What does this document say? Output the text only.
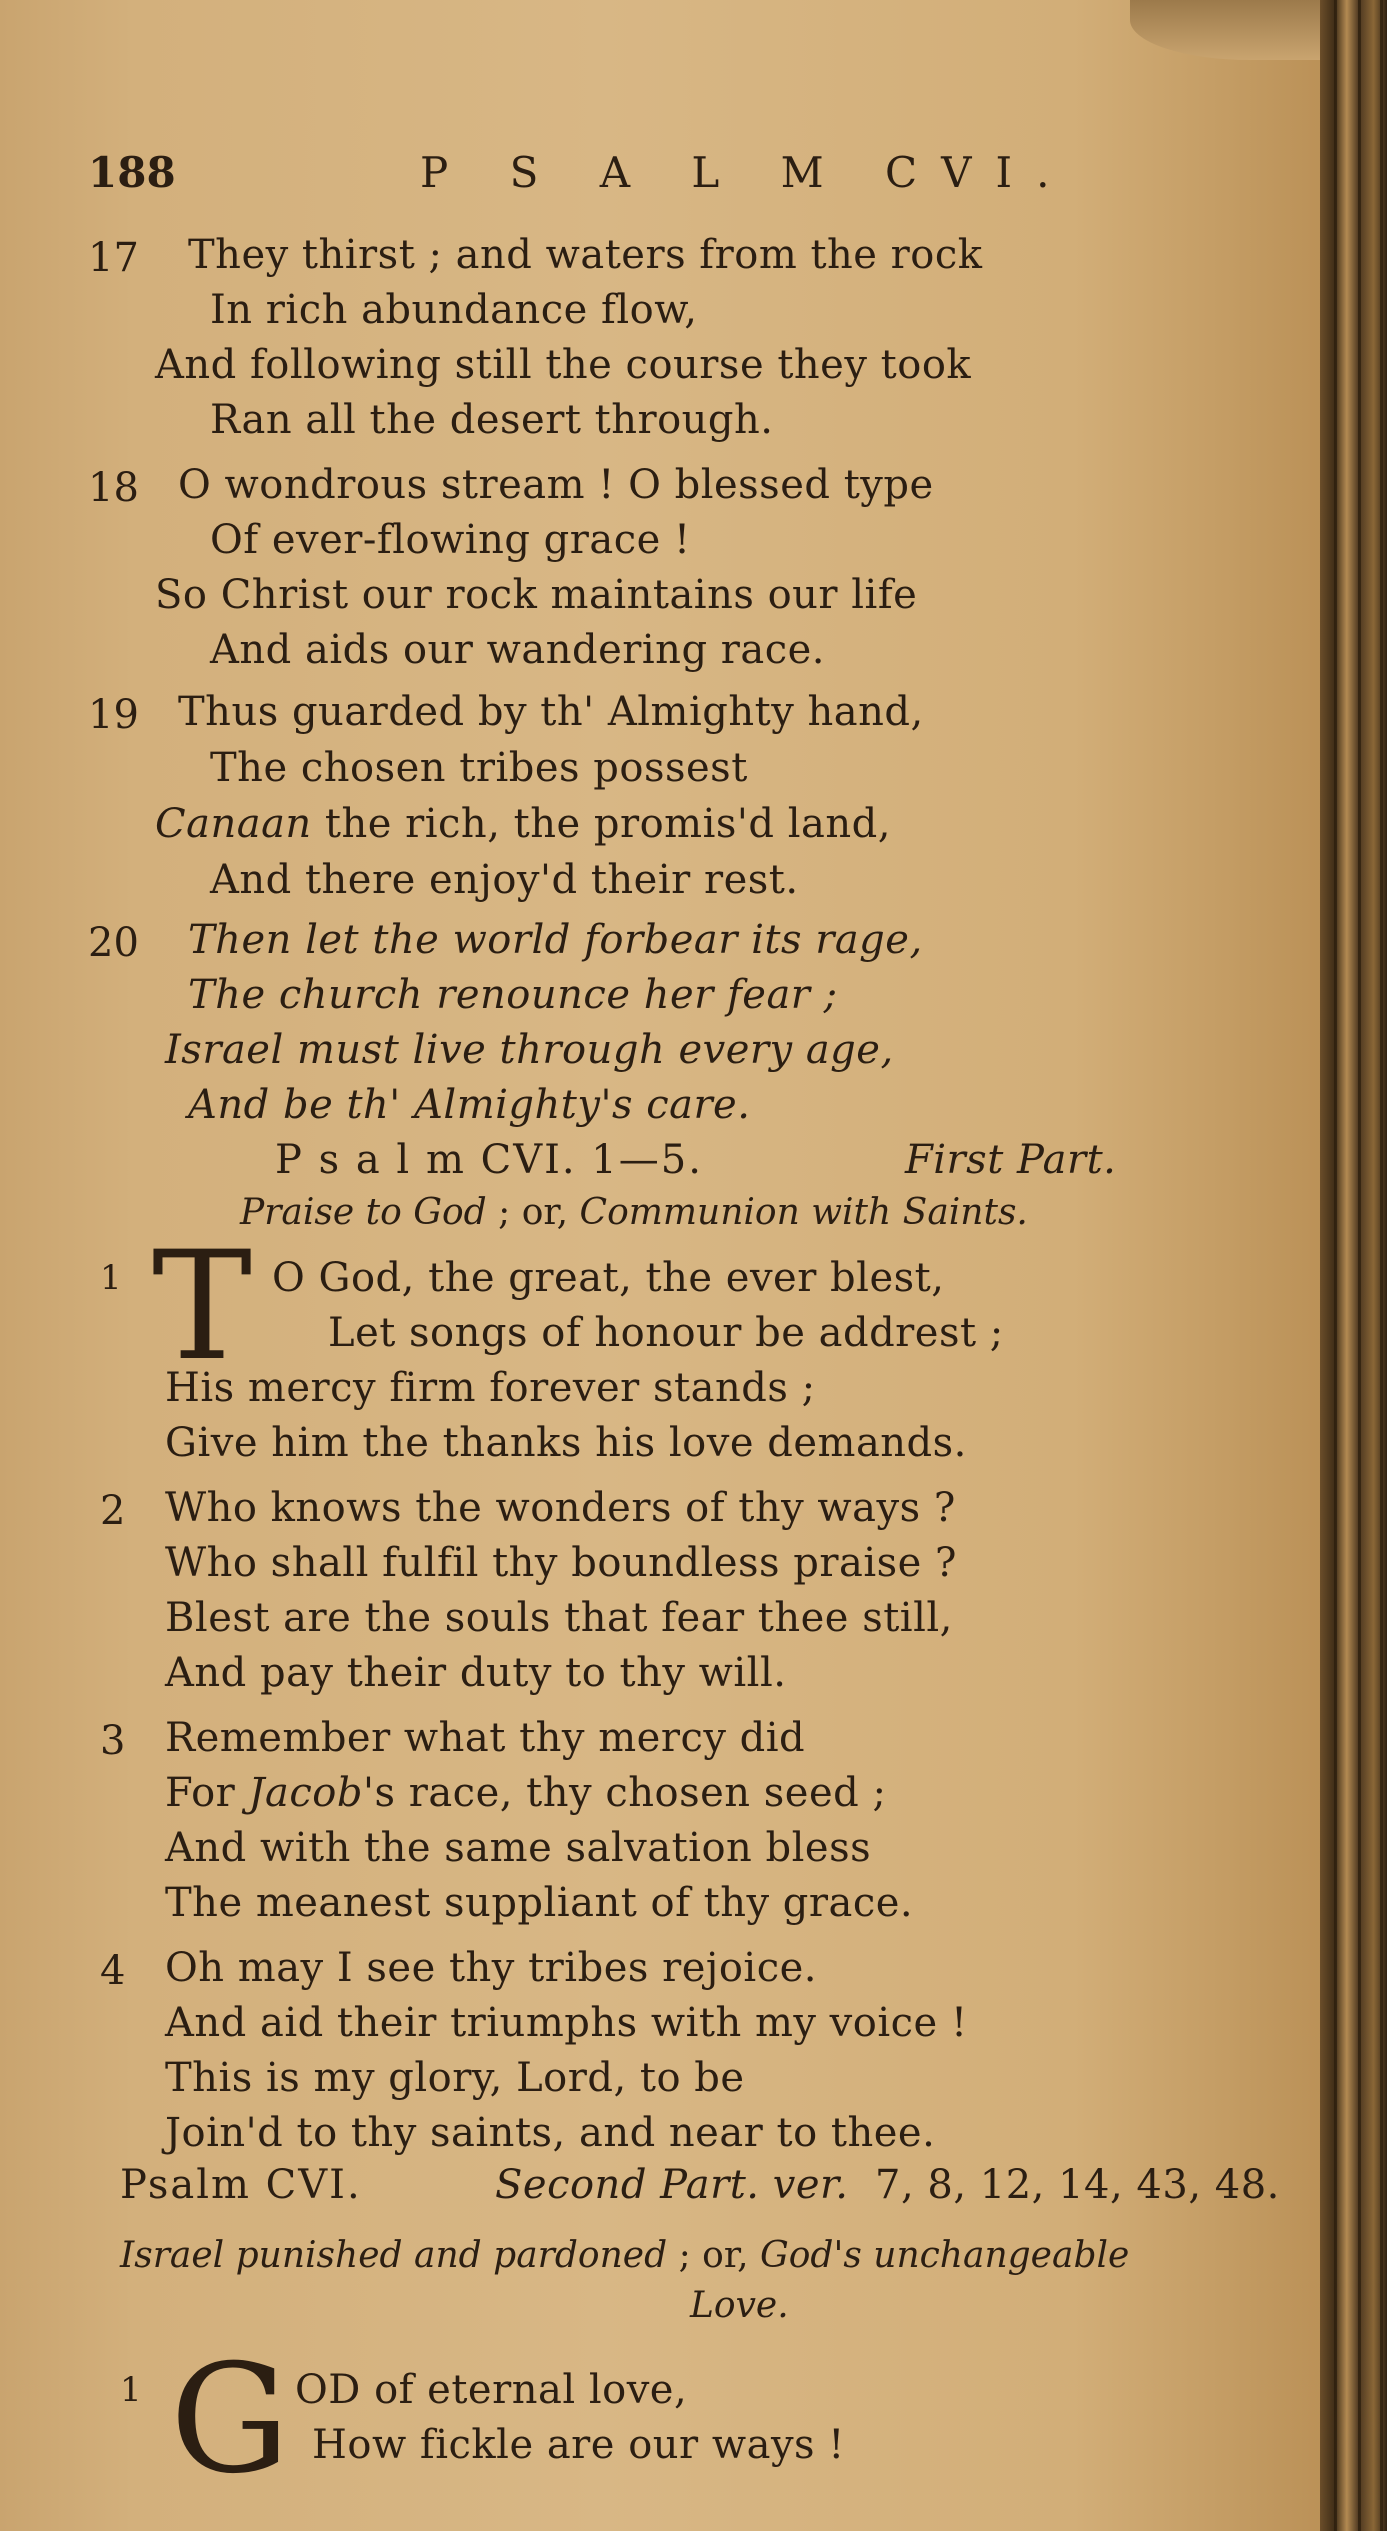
188	P S A L M CVI.
17 They thirst ; and waters from the rock
In rich abundance flow,
And following still the course they took
Ran all the desert through.
18 O wondrous stream ! O blessed type
Of ever-flowing grace !
So Christ our rock maintains our life
And aids our wandering race.
19 Thus guarded by th' Almighty hand,
The chosen tribes possest
Canaan the rich, the promis'd land,
And there enjoy'd their rest.
20 Then let the world forbear its rage,
The church renounce her fear ;
Israel must live through every age,
And be th' Almighty's care.
P s a l m CVI. 1—5.	First Part.
Praise to God ; or, Communion with Saints.
1 T O God, the great, the ever blest,
Let songs of honour be addrest ;
His mercy firm forever stands ;
Give him the thanks his love demands.
2 Who knows the wonders of thy ways ?
Who shall fulfil thy boundless praise ?
Blest are the souls that fear thee still,
And pay their duty to thy will.
3 Remember what thy mercy did
For Jacob's race, thy chosen seed ;
And with the same salvation bless
The meanest suppliant of thy grace.
4 Oh may I see thy tribes rejoice.
And aid their triumphs with my voice !
This is my glory, Lord, to be
Join'd to thy saints, and near to thee.
Psalm CVI.	Second Part. ver. 7, 8, 12, 14, 43, 48.
Israel punished and pardoned ; or, God's unchangeable
Love.
1 G OD of eternal love,
How fickle are our ways !
